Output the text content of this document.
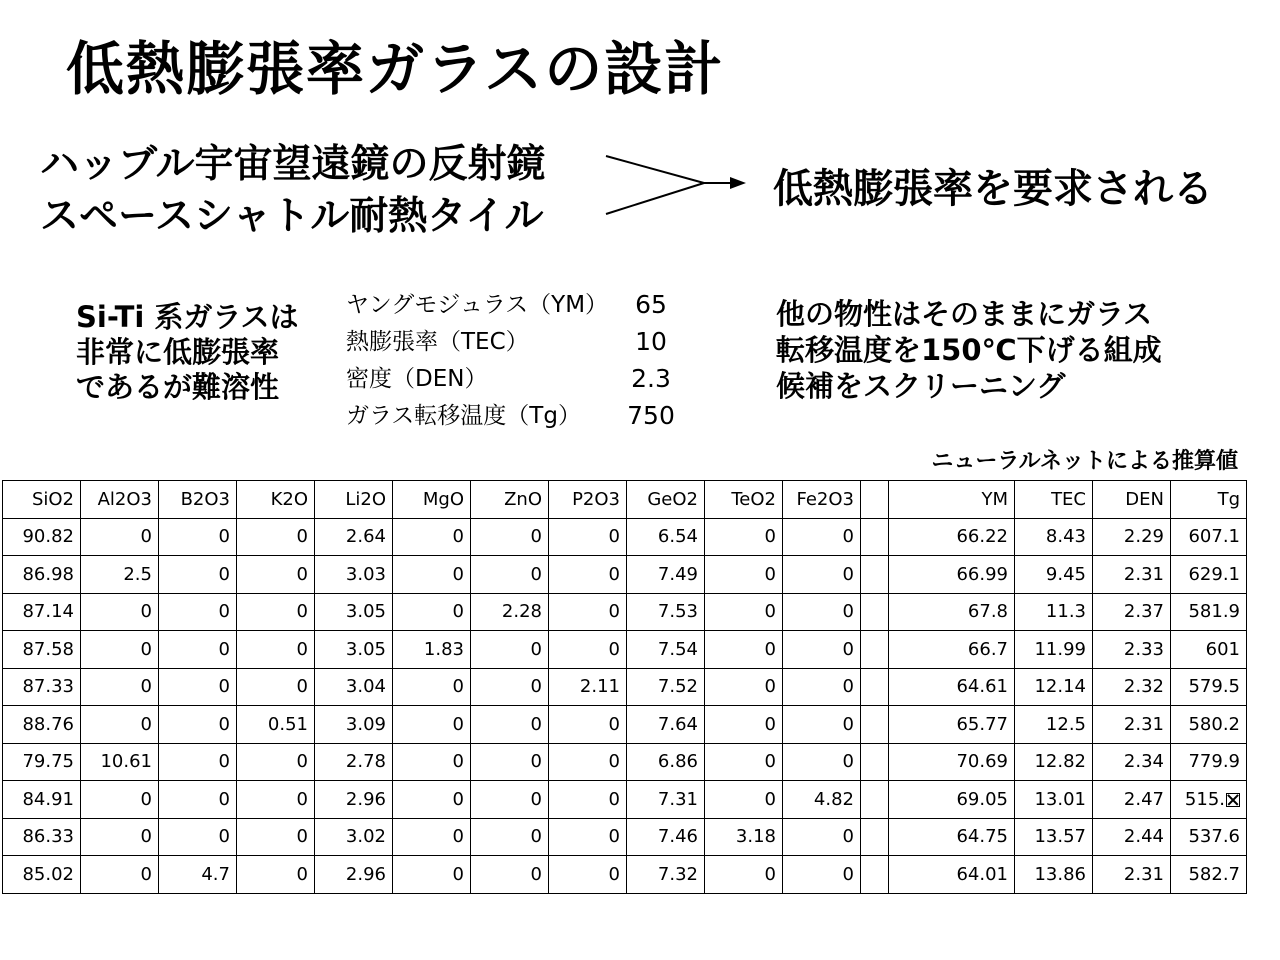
低熱膨張率ガラスの設計
ハッブル宇宙望遠鏡の反射鏡
スペースシャトル耐熱タイル
低熱膨張率を要求される
Si-Ti 系ガラスは
非常に低膨張率
であるが難溶性
ヤングモジュラス（YM）	65
熱膨張率（TEC）	10
密度（DEN）	2.3
ガラス転移温度（Tg）	750
他の物性はそのままにガラス
転移温度を150℃下げる組成
候補をスクリーニング
ニューラルネットによる推算値
SiO2	Al2O3	B2O3	K2O	Li2O	MgO	ZnO	P2O3	GeO2	TeO2	Fe2O3		YM	TEC	DEN	Tg
90.82	0	0	0	2.64	0	0	0	6.54	0	0		66.22	8.43	2.29	607.1
86.98	2.5	0	0	3.03	0	0	0	7.49	0	0		66.99	9.45	2.31	629.1
87.14	0	0	0	3.05	0	2.28	0	7.53	0	0		67.8	11.3	2.37	581.9
87.58	0	0	0	3.05	1.83	0	0	7.54	0	0		66.7	11.99	2.33	601
87.33	0	0	0	3.04	0	0	2.11	7.52	0	0		64.61	12.14	2.32	579.5
88.76	0	0	0.51	3.09	0	0	0	7.64	0	0		65.77	12.5	2.31	580.2
79.75	10.61	0	0	2.78	0	0	0	6.86	0	0		70.69	12.82	2.34	779.9
84.91	0	0	0	2.96	0	0	0	7.31	0	4.82		69.05	13.01	2.47	515.
86.33	0	0	0	3.02	0	0	0	7.46	3.18	0		64.75	13.57	2.44	537.6
85.02	0	4.7	0	2.96	0	0	0	7.32	0	0		64.01	13.86	2.31	582.7
